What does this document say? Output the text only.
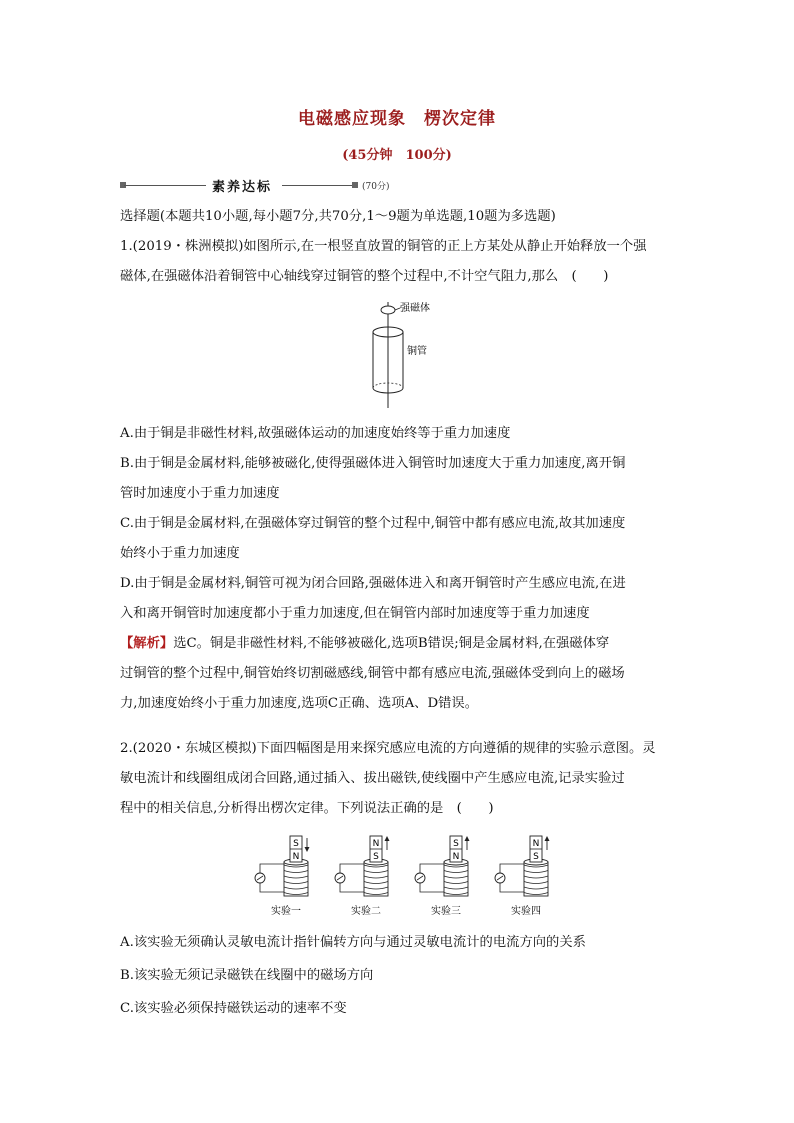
电磁感应现象　楞次定律
(45分钟　100分)
素养达标	(70分)
选择题(本题共10小题,每小题7分,共70分,1～9题为单选题,10题为多选题)
1.(2019・株洲模拟)如图所示,在一根竖直放置的铜管的正上方某处从静止开始释放一个强
磁体,在强磁体沿着铜管中心轴线穿过铜管的整个过程中,不计空气阻力,那么　(　　)
强磁体
铜管
A.由于铜是非磁性材料,故强磁体运动的加速度始终等于重力加速度
B.由于铜是金属材料,能够被磁化,使得强磁体进入铜管时加速度大于重力加速度,离开铜
管时加速度小于重力加速度
C.由于铜是金属材料,在强磁体穿过铜管的整个过程中,铜管中都有感应电流,故其加速度
始终小于重力加速度
D.由于铜是金属材料,铜管可视为闭合回路,强磁体进入和离开铜管时产生感应电流,在进
入和离开铜管时加速度都小于重力加速度,但在铜管内部时加速度等于重力加速度
【解析】选C。铜是非磁性材料,不能够被磁化,选项B错误;铜是金属材料,在强磁体穿
过铜管的整个过程中,铜管始终切割磁感线,铜管中都有感应电流,强磁体受到向上的磁场
力,加速度始终小于重力加速度,选项C正确、选项A、D错误。
2.(2020・东城区模拟)下面四幅图是用来探究感应电流的方向遵循的规律的实验示意图。灵
敏电流计和线圈组成闭合回路,通过插入、拔出磁铁,使线圈中产生感应电流,记录实验过
程中的相关信息,分析得出楞次定律。下列说法正确的是　(　　)
S
N
实验一
N
S
实验二
S
N
实验三
N
S
实验四
A.该实验无须确认灵敏电流计指针偏转方向与通过灵敏电流计的电流方向的关系
B.该实验无须记录磁铁在线圈中的磁场方向
C.该实验必须保持磁铁运动的速率不变
